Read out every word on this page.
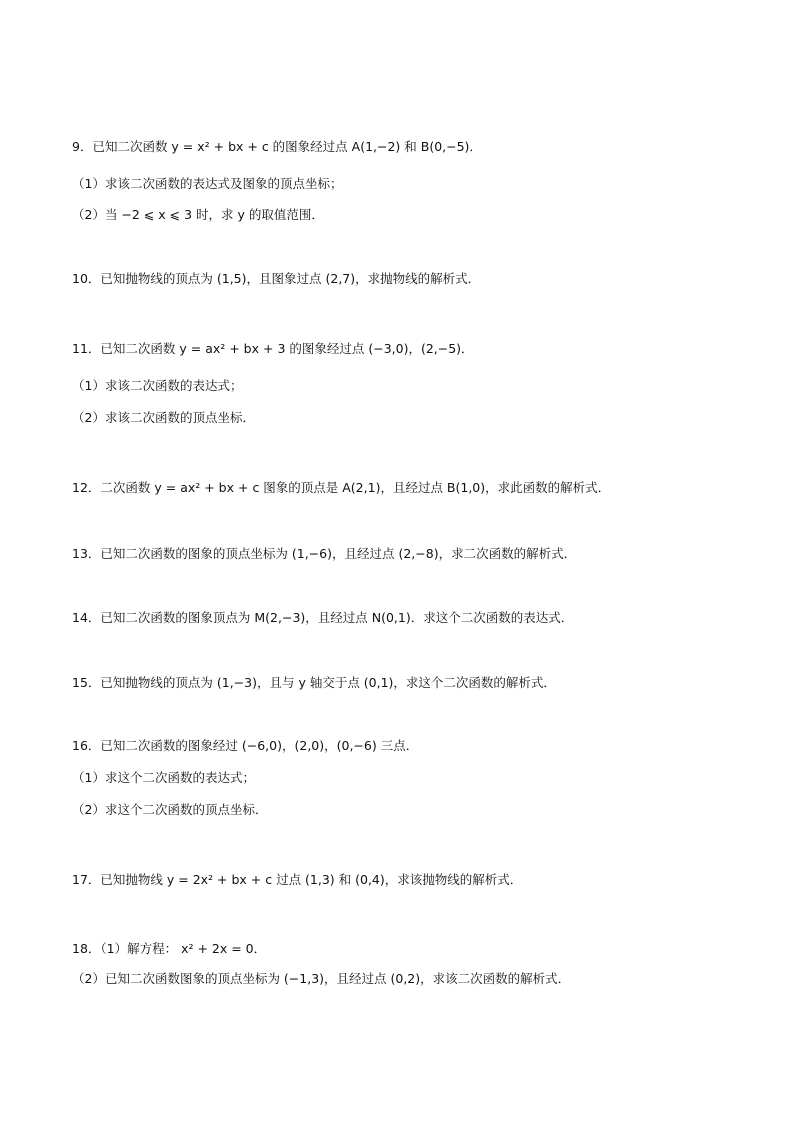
9．已知二次函数 y = x² + bx + c 的图象经过点 A(1,−2) 和 B(0,−5)．
（1）求该二次函数的表达式及图象的顶点坐标；
（2）当 −2 ⩽ x ⩽ 3 时，求 y 的取值范围．
10．已知抛物线的顶点为 (1,5)，且图象过点 (2,7)，求抛物线的解析式．
11．已知二次函数 y = ax² + bx + 3 的图象经过点 (−3,0)，(2,−5)．
（1）求该二次函数的表达式；
（2）求该二次函数的顶点坐标．
12．二次函数 y = ax² + bx + c 图象的顶点是 A(2,1)，且经过点 B(1,0)，求此函数的解析式．
13．已知二次函数的图象的顶点坐标为 (1,−6)，且经过点 (2,−8)，求二次函数的解析式．
14．已知二次函数的图象顶点为 M(2,−3)，且经过点 N(0,1)．求这个二次函数的表达式．
15．已知抛物线的顶点为 (1,−3)，且与 y 轴交于点 (0,1)，求这个二次函数的解析式．
16．已知二次函数的图象经过 (−6,0)，(2,0)，(0,−6) 三点．
（1）求这个二次函数的表达式；
（2）求这个二次函数的顶点坐标．
17．已知抛物线 y = 2x² + bx + c 过点 (1,3) 和 (0,4)，求该抛物线的解析式．
18．（1）解方程： x² + 2x = 0．
（2）已知二次函数图象的顶点坐标为 (−1,3)，且经过点 (0,2)，求该二次函数的解析式．
